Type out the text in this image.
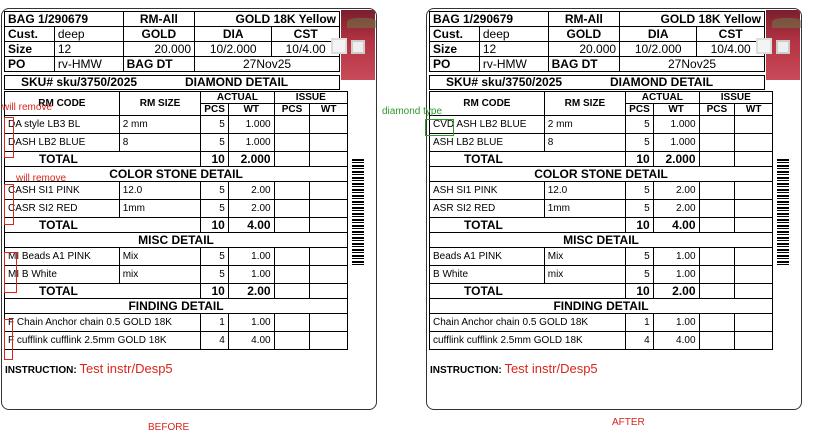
BAG 1/290679		RM-All	GOLD 18K Yellow	
Cust.	deep	GOLD	DIA	CST
Size	12	20.000	10/2.000	10/4.00
PO	rv-HMW	BAG DT	27Nov25	
SKU# sku/3750/2025	DIAMOND DETAIL
RM CODE	RM SIZE	ACTUAL		ISSUE	
		PCS	WT	PCS	WT
DA style LB3 BL	2 mm	5	1.000		
DASH LB2 BLUE	8	5	1.000		
TOTAL		10	2.000		
COLOR STONE DETAIL					
CASH SI1 PINK	12.0	5	2.00		
CASR SI2 RED	1mm	5	2.00		
TOTAL		10	4.00		
MISC DETAIL					
MI Beads A1 PINK	Mix	5	1.00		
MI B White	mix	5	1.00		
TOTAL		10	2.00		
FINDING DETAIL					
F Chain Anchor chain 0.5 GOLD 18K		1	1.00		
F cufflink cufflink 2.5mm GOLD 18K		4	4.00		
INSTRUCTION: Test instr/Desp5
BAG 1/290679		RM-All	GOLD 18K Yellow	
Cust.	deep	GOLD	DIA	CST
Size	12	20.000	10/2.000	10/4.00
PO	rv-HMW	BAG DT	27Nov25	
SKU# sku/3750/2025	DIAMOND DETAIL
RM CODE	RM SIZE	ACTUAL		ISSUE	
		PCS	WT	PCS	WT
CVD ASH LB2 BLUE	2 mm	5	1.000		
ASH LB2 BLUE	8	5	1.000		
TOTAL		10	2.000		
COLOR STONE DETAIL					
ASH SI1 PINK	12.0	5	2.00		
ASR SI2 RED	1mm	5	2.00		
TOTAL		10	4.00		
MISC DETAIL					
Beads A1 PINK	Mix	5	1.00		
B White	mix	5	1.00		
TOTAL		10	2.00		
FINDING DETAIL					
Chain Anchor chain 0.5 GOLD 18K		1	1.00		
cufflink cufflink 2.5mm GOLD 18K		4	4.00		
INSTRUCTION: Test instr/Desp5
will remove
will remove
diamond type
BEFORE	AFTER
